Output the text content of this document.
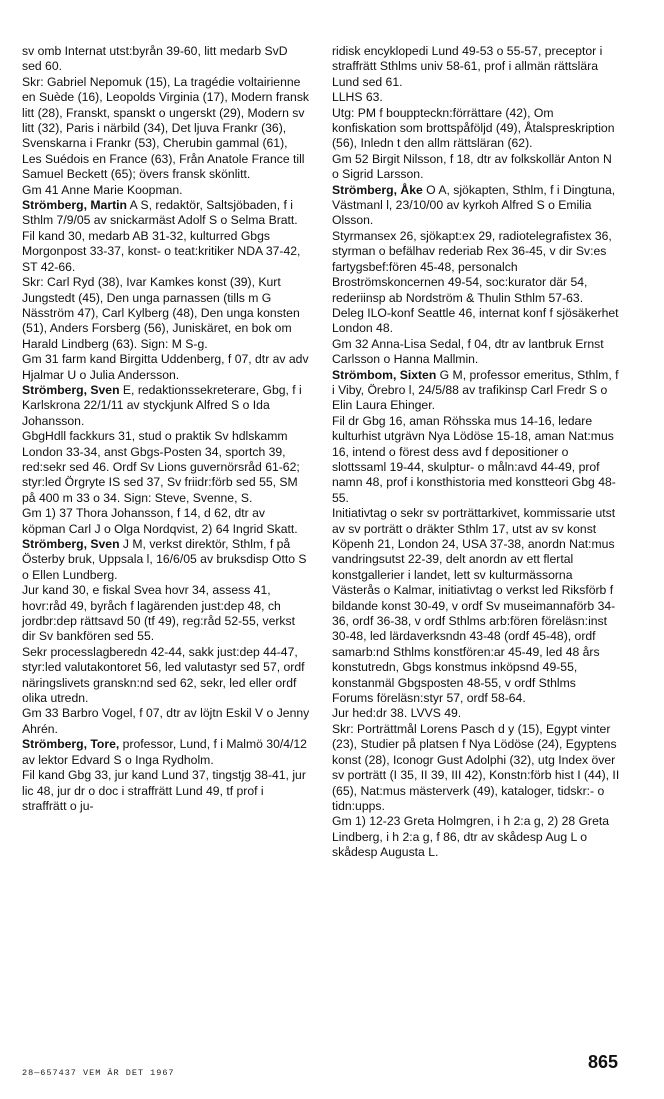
sv omb Internat utst:byrån 39-60, litt medarb SvD sed 60.

Skr: Gabriel Nepomuk (15), La tragédie voltairienne en Suède (16), Leopolds Virginia (17), Modern fransk litt (28), Franskt, spanskt o ungerskt (29), Modern sv litt (32), Paris i närbild (34), Det ljuva Frankr (36), Svenskarna i Frankr (53), Cherubin gammal (61), Les Suédois en France (63), Från Anatole France till Samuel Beckett (65); övers fransk skönlitt.

Gm 41 Anne Marie Koopman.

Strömberg, Martin A S, redaktör, Saltsjöbaden, f i Sthlm 7/9/05 av snickarmäst Adolf S o Selma Bratt.

Fil kand 30, medarb AB 31-32, kulturred Gbgs Morgonpost 33-37, konst- o teat:kritiker NDA 37-42, ST 42-66.

Skr: Carl Ryd (38), Ivar Kamkes konst (39), Kurt Jungstedt (45), Den unga parnassen (tills m G Näsström 47), Carl Kylberg (48), Den unga konsten (51), Anders Forsberg (56), Juniskäret, en bok om Harald Lindberg (63). Sign: M S-g.

Gm 31 farm kand Birgitta Uddenberg, f 07, dtr av adv Hjalmar U o Julia Andersson.

Strömberg, Sven E, redaktionssekreterare, Gbg, f i Karlskrona 22/1/11 av styckjunk Alfred S o Ida Johansson.

GbgHdll fackkurs 31, stud o praktik Sv hdlskamm London 33-34, anst Gbgs-Posten 34, sportch 39, red:sekr sed 46. Ordf Sv Lions guvernörsråd 61-62; styr:led Örgryte IS sed 37, Sv friidr:förb sed 55, SM på 400 m 33 o 34. Sign: Steve, Svenne, S.

Gm 1) 37 Thora Johansson, f 14, d 62, dtr av köpman Carl J o Olga Nordqvist, 2) 64 Ingrid Skatt.

Strömberg, Sven J M, verkst direktör, Sthlm, f på Österby bruk, Uppsala l, 16/6/05 av bruksdisp Otto S o Ellen Lundberg.

Jur kand 30, e fiskal Svea hovr 34, assess 41, hovr:råd 49, byråch f lagärenden just:dep 48, ch jordbr:dep rättsavd 50 (tf 49), reg:råd 52-55, verkst dir Sv bankfören sed 55.

Sekr processlagberedn 42-44, sakk just:dep 44-47, styr:led valutakontoret 56, led valutastyr sed 57, ordf näringslivets granskn:nd sed 62, sekr, led eller ordf olika utredn.

Gm 33 Barbro Vogel, f 07, dtr av löjtn Eskil V o Jenny Ahrén.

Strömberg, Tore, professor, Lund, f i Malmö 30/4/12 av lektor Edvard S o Inga Rydholm.

Fil kand Gbg 33, jur kand Lund 37, tingstjg 38-41, jur lic 48, jur dr o doc i straffrätt Lund 49, tf prof i straffrätt o ju-

ridisk encyklopedi Lund 49-53 o 55-57, preceptor i straffrätt Sthlms univ 58-61, prof i allmän rättslära Lund sed 61.

LLHS 63.

Utg: PM f bouppteckn:förrättare (42), Om konfiskation som brottspåföljd (49), Åtalspreskription (56), Inledn t den allm rättsläran (62).

Gm 52 Birgit Nilsson, f 18, dtr av folkskollär Anton N o Sigrid Larsson.

Strömberg, Åke O A, sjökapten, Sthlm, f i Dingtuna, Västmanl l, 23/10/00 av kyrkoh Alfred S o Emilia Olsson.

Styrmansex 26, sjökapt:ex 29, radiotelegrafistex 36, styrman o befälhav rederiab Rex 36-45, v dir Sv:es fartygsbef:fören 45-48, personalch Broströmskoncernen 49-54, soc:kurator där 54, rederiinsp ab Nordström & Thulin Sthlm 57-63.

Deleg ILO-konf Seattle 46, internat konf f sjösäkerhet London 48.

Gm 32 Anna-Lisa Sedal, f 04, dtr av lantbruk Ernst Carlsson o Hanna Mallmin.

Strömbom, Sixten G M, professor emeritus, Sthlm, f i Viby, Örebro l, 24/5/88 av trafikinsp Carl Fredr S o Elin Laura Ehinger.

Fil dr Gbg 16, aman Röhsska mus 14-16, ledare kulturhist utgrävn Nya Lödöse 15-18, aman Nat:mus 16, intend o förest dess avd f depositioner o slottssaml 19-44, skulptur- o måln:avd 44-49, prof namn 48, prof i konsthistoria med konstteori Gbg 48-55.

Initiativtag o sekr sv porträttarkivet, kommissarie utst av sv porträtt o dräkter Sthlm 17, utst av sv konst Köpenh 21, London 24, USA 37-38, anordn Nat:mus vandringsutst 22-39, delt anordn av ett flertal konstgallerier i landet, lett sv kulturmässorna Västerås o Kalmar, initiativtag o verkst led Riksförb f bildande konst 30-49, v ordf Sv museimannaförb 34-36, ordf 36-38, v ordf Sthlms arb:fören föreläsn:inst 30-48, led lärdaverksndn 43-48 (ordf 45-48), ordf samarb:nd Sthlms konstfören:ar 45-49, led 48 års konstutredn, Gbgs konstmus inköpsnd 49-55, konstanmäl Gbgsposten 48-55, v ordf Sthlms Forums föreläsn:styr 57, ordf 58-64.

Jur hed:dr 38. LVVS 49.

Skr: Porträttmål Lorens Pasch d y (15), Egypt vinter (23), Studier på platsen f Nya Lödöse (24), Egyptens konst (28), Iconogr Gust Adolphi (32), utg Index över sv porträtt (I 35, II 39, III 42), Konstn:förb hist I (44), II (65), Nat:mus mästerverk (49), kataloger, tidskr:- o tidn:upps.

Gm 1) 12-23 Greta Holmgren, i h 2:a g, 2) 28 Greta Lindberg, i h 2:a g, f 86, dtr av skådesp Aug L o skådesp Augusta L.

28—657437 VEM ÄR DET 1967
865
